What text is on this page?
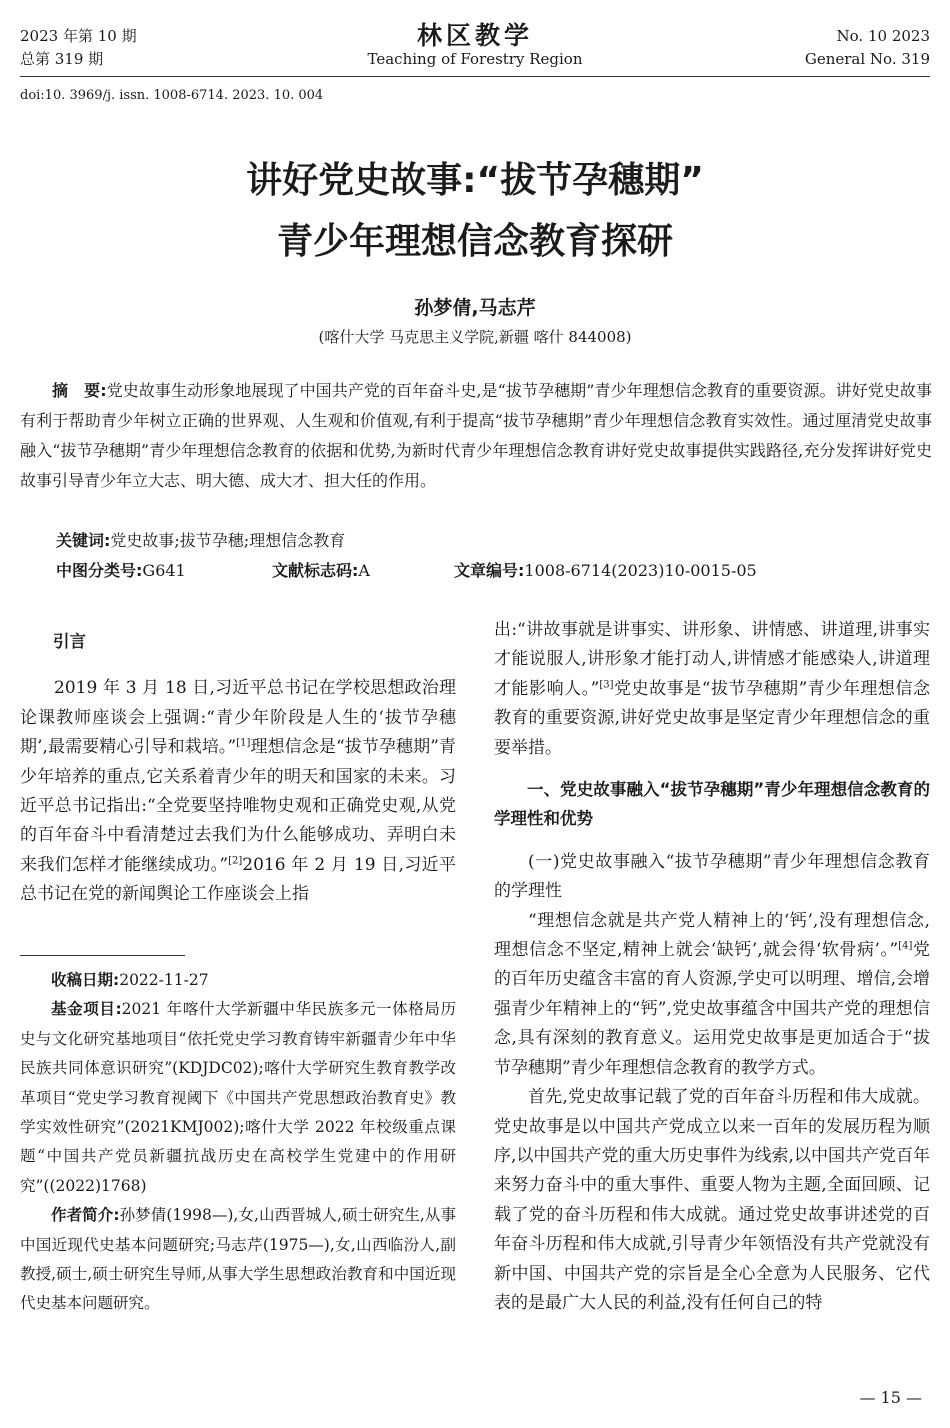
2023 年第 10 期
总第 319 期
林区教学
Teaching of Forestry Region
No. 10 2023
General No. 319
doi:10. 3969/j. issn. 1008-6714. 2023. 10. 004
讲好党史故事:“拔节孕穗期”
青少年理想信念教育探研
孙梦倩,马志芹
(喀什大学 马克思主义学院,新疆 喀什 844008)
摘　要:党史故事生动形象地展现了中国共产党的百年奋斗史,是“拔节孕穗期”青少年理想信念教育的重要资源。讲好党史故事有利于帮助青少年树立正确的世界观、人生观和价值观,有利于提高“拔节孕穗期”青少年理想信念教育实效性。通过厘清党史故事融入“拔节孕穗期”青少年理想信念教育的依据和优势,为新时代青少年理想信念教育讲好党史故事提供实践路径,充分发挥讲好党史故事引导青少年立大志、明大德、成大才、担大任的作用。
关键词:党史故事;拔节孕穗;理想信念教育
中图分类号:G641	文献标志码:A	文章编号:1008-6714(2023)10-0015-05

引言

2019 年 3 月 18 日,习近平总书记在学校思想政治理论课教师座谈会上强调:“青少年阶段是人生的‘拔节孕穗期’,最需要精心引导和栽培。”[1]理想信念是“拔节孕穗期”青少年培养的重点,它关系着青少年的明天和国家的未来。习近平总书记指出:“全党要坚持唯物史观和正确党史观,从党的百年奋斗中看清楚过去我们为什么能够成功、弄明白未来我们怎样才能继续成功。”[2]2016 年 2 月 19 日,习近平总书记在党的新闻舆论工作座谈会上指

收稿日期:2022-11-27

基金项目:2021 年喀什大学新疆中华民族多元一体格局历史与文化研究基地项目“依托党史学习教育铸牢新疆青少年中华民族共同体意识研究”(KDJDC02);喀什大学研究生教育教学改革项目“党史学习教育视阈下《中国共产党思想政治教育史》教学实效性研究”(2021KMJ002);喀什大学 2022 年校级重点课题“中国共产党员新疆抗战历史在高校学生党建中的作用研究”((2022)1768)

作者简介:孙梦倩(1998—),女,山西晋城人,硕士研究生,从事中国近现代史基本问题研究;马志芹(1975—),女,山西临汾人,副教授,硕士,硕士研究生导师,从事大学生思想政治教育和中国近现代史基本问题研究。

出:“讲故事就是讲事实、讲形象、讲情感、讲道理,讲事实才能说服人,讲形象才能打动人,讲情感才能感染人,讲道理才能影响人。”[3]党史故事是“拔节孕穗期”青少年理想信念教育的重要资源,讲好党史故事是坚定青少年理想信念的重要举措。

一、党史故事融入“拔节孕穗期”青少年理想信念教育的学理性和优势

(一)党史故事融入“拔节孕穗期”青少年理想信念教育的学理性

“理想信念就是共产党人精神上的‘钙’,没有理想信念,理想信念不坚定,精神上就会‘缺钙’,就会得‘软骨病’。”[4]党的百年历史蕴含丰富的育人资源,学史可以明理、增信,会增强青少年精神上的“钙”,党史故事蕴含中国共产党的理想信念,具有深刻的教育意义。运用党史故事是更加适合于“拔节孕穗期”青少年理想信念教育的教学方式。

首先,党史故事记载了党的百年奋斗历程和伟大成就。党史故事是以中国共产党成立以来一百年的发展历程为顺序,以中国共产党的重大历史事件为线索,以中国共产党百年来努力奋斗中的重大事件、重要人物为主题,全面回顾、记载了党的奋斗历程和伟大成就。通过党史故事讲述党的百年奋斗历程和伟大成就,引导青少年领悟没有共产党就没有新中国、中国共产党的宗旨是全心全意为人民服务、它代表的是最广大人民的利益,没有任何自己的特

— 15 —
